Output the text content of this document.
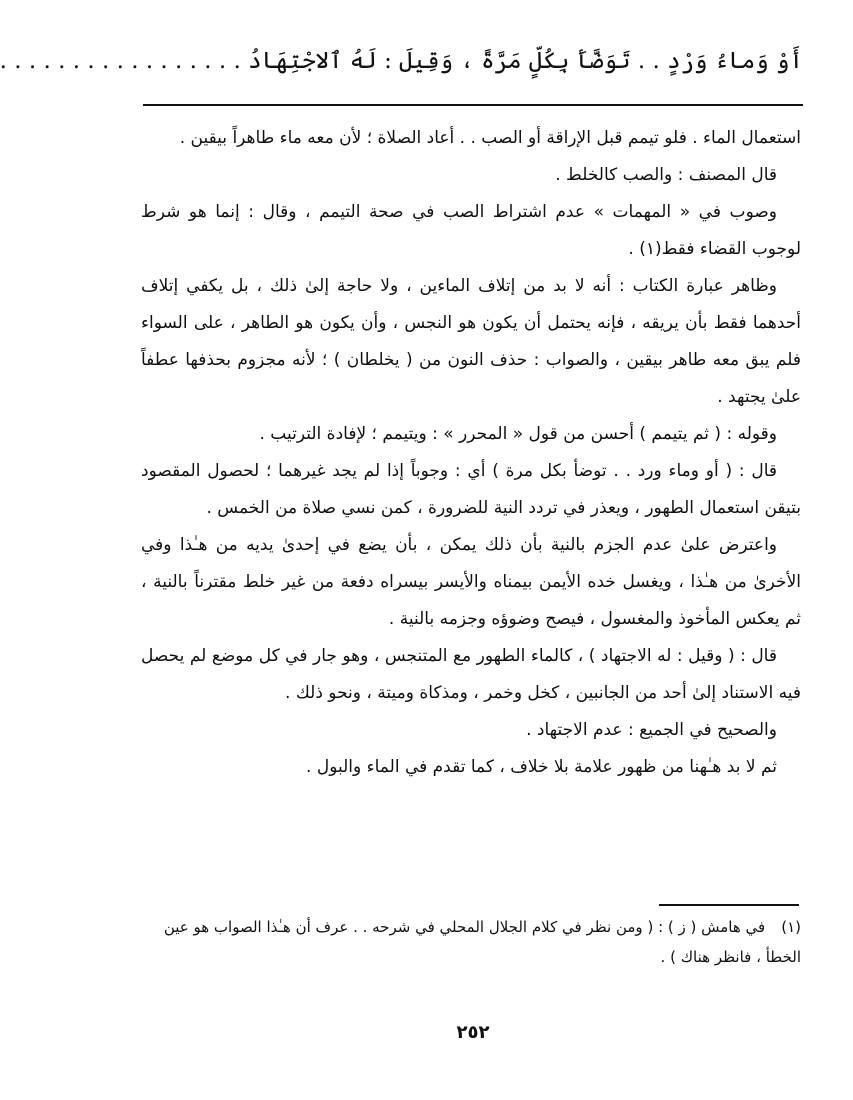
أَوْ وَماءُ وَرْدٍ . . تَوَضَّأَ بِكُلٍّ مَرَّةً ، وَقِيلَ : لَهُ ٱلاجْتِهَادُ . . . . . . . . . . . . . . . . .

استعمال الماء . فلو تيمم قبل الإراقة أو الصب . . أعاد الصلاة ؛ لأن معه ماء طاهراً بيقين .

قال المصنف : والصب كالخلط .

وصوب في « المهمات » عدم اشتراط الصب في صحة التيمم ، وقال : إنما هو شرط لوجوب القضاء فقط(١) .

وظاهر عبارة الكتاب : أنه لا بد من إتلاف الماءين ، ولا حاجة إلىٰ ذلك ، بل يكفي إتلاف أحدهما فقط بأن يريقه ، فإنه يحتمل أن يكون هو النجس ، وأن يكون هو الطاهر ، على السواء فلم يبق معه طاهر بيقين ، والصواب : حذف النون من ( يخلطان ) ؛ لأنه مجزوم بحذفها عطفاً علىٰ يجتهد .

وقوله : ( ثم يتيمم ) أحسن من قول « المحرر » : ويتيمم ؛ لإفادة الترتيب .

قال : ( أو وماء ورد . . توضأ بكل مرة ) أي : وجوباً إذا لم يجد غيرهما ؛ لحصول المقصود بتيقن استعمال الطهور ، ويعذر في تردد النية للضرورة ، كمن نسي صلاة من الخمس .

واعترض علىٰ عدم الجزم بالنية بأن ذلك يمكن ، بأن يضع في إحدىٰ يديه من هـٰذا وفي الأخرىٰ من هـٰذا ، ويغسل خده الأيمن بيمناه والأيسر بيسراه دفعة من غير خلط مقترناً بالنية ، ثم يعكس المأخوذ والمغسول ، فيصح وضوؤه وجزمه بالنية .

قال : ( وقيل : له الاجتهاد ) ، كالماء الطهور مع المتنجس ، وهو جار في كل موضع لم يحصل فيه الاستناد إلىٰ أحد من الجانبين ، كخل وخمر ، ومذكاة وميتة ، ونحو ذلك .

والصحيح في الجميع : عدم الاجتهاد .

ثم لا بد هـٰهنا من ظهور علامة بلا خلاف ، كما تقدم في الماء والبول .

(١)في هامش ( ز ) : ( ومن نظر في كلام الجلال المحلي في شرحه . . عرف أن هـٰذا الصواب هو عين الخطأ ، فانظر هناك ) .
٢٥٢
